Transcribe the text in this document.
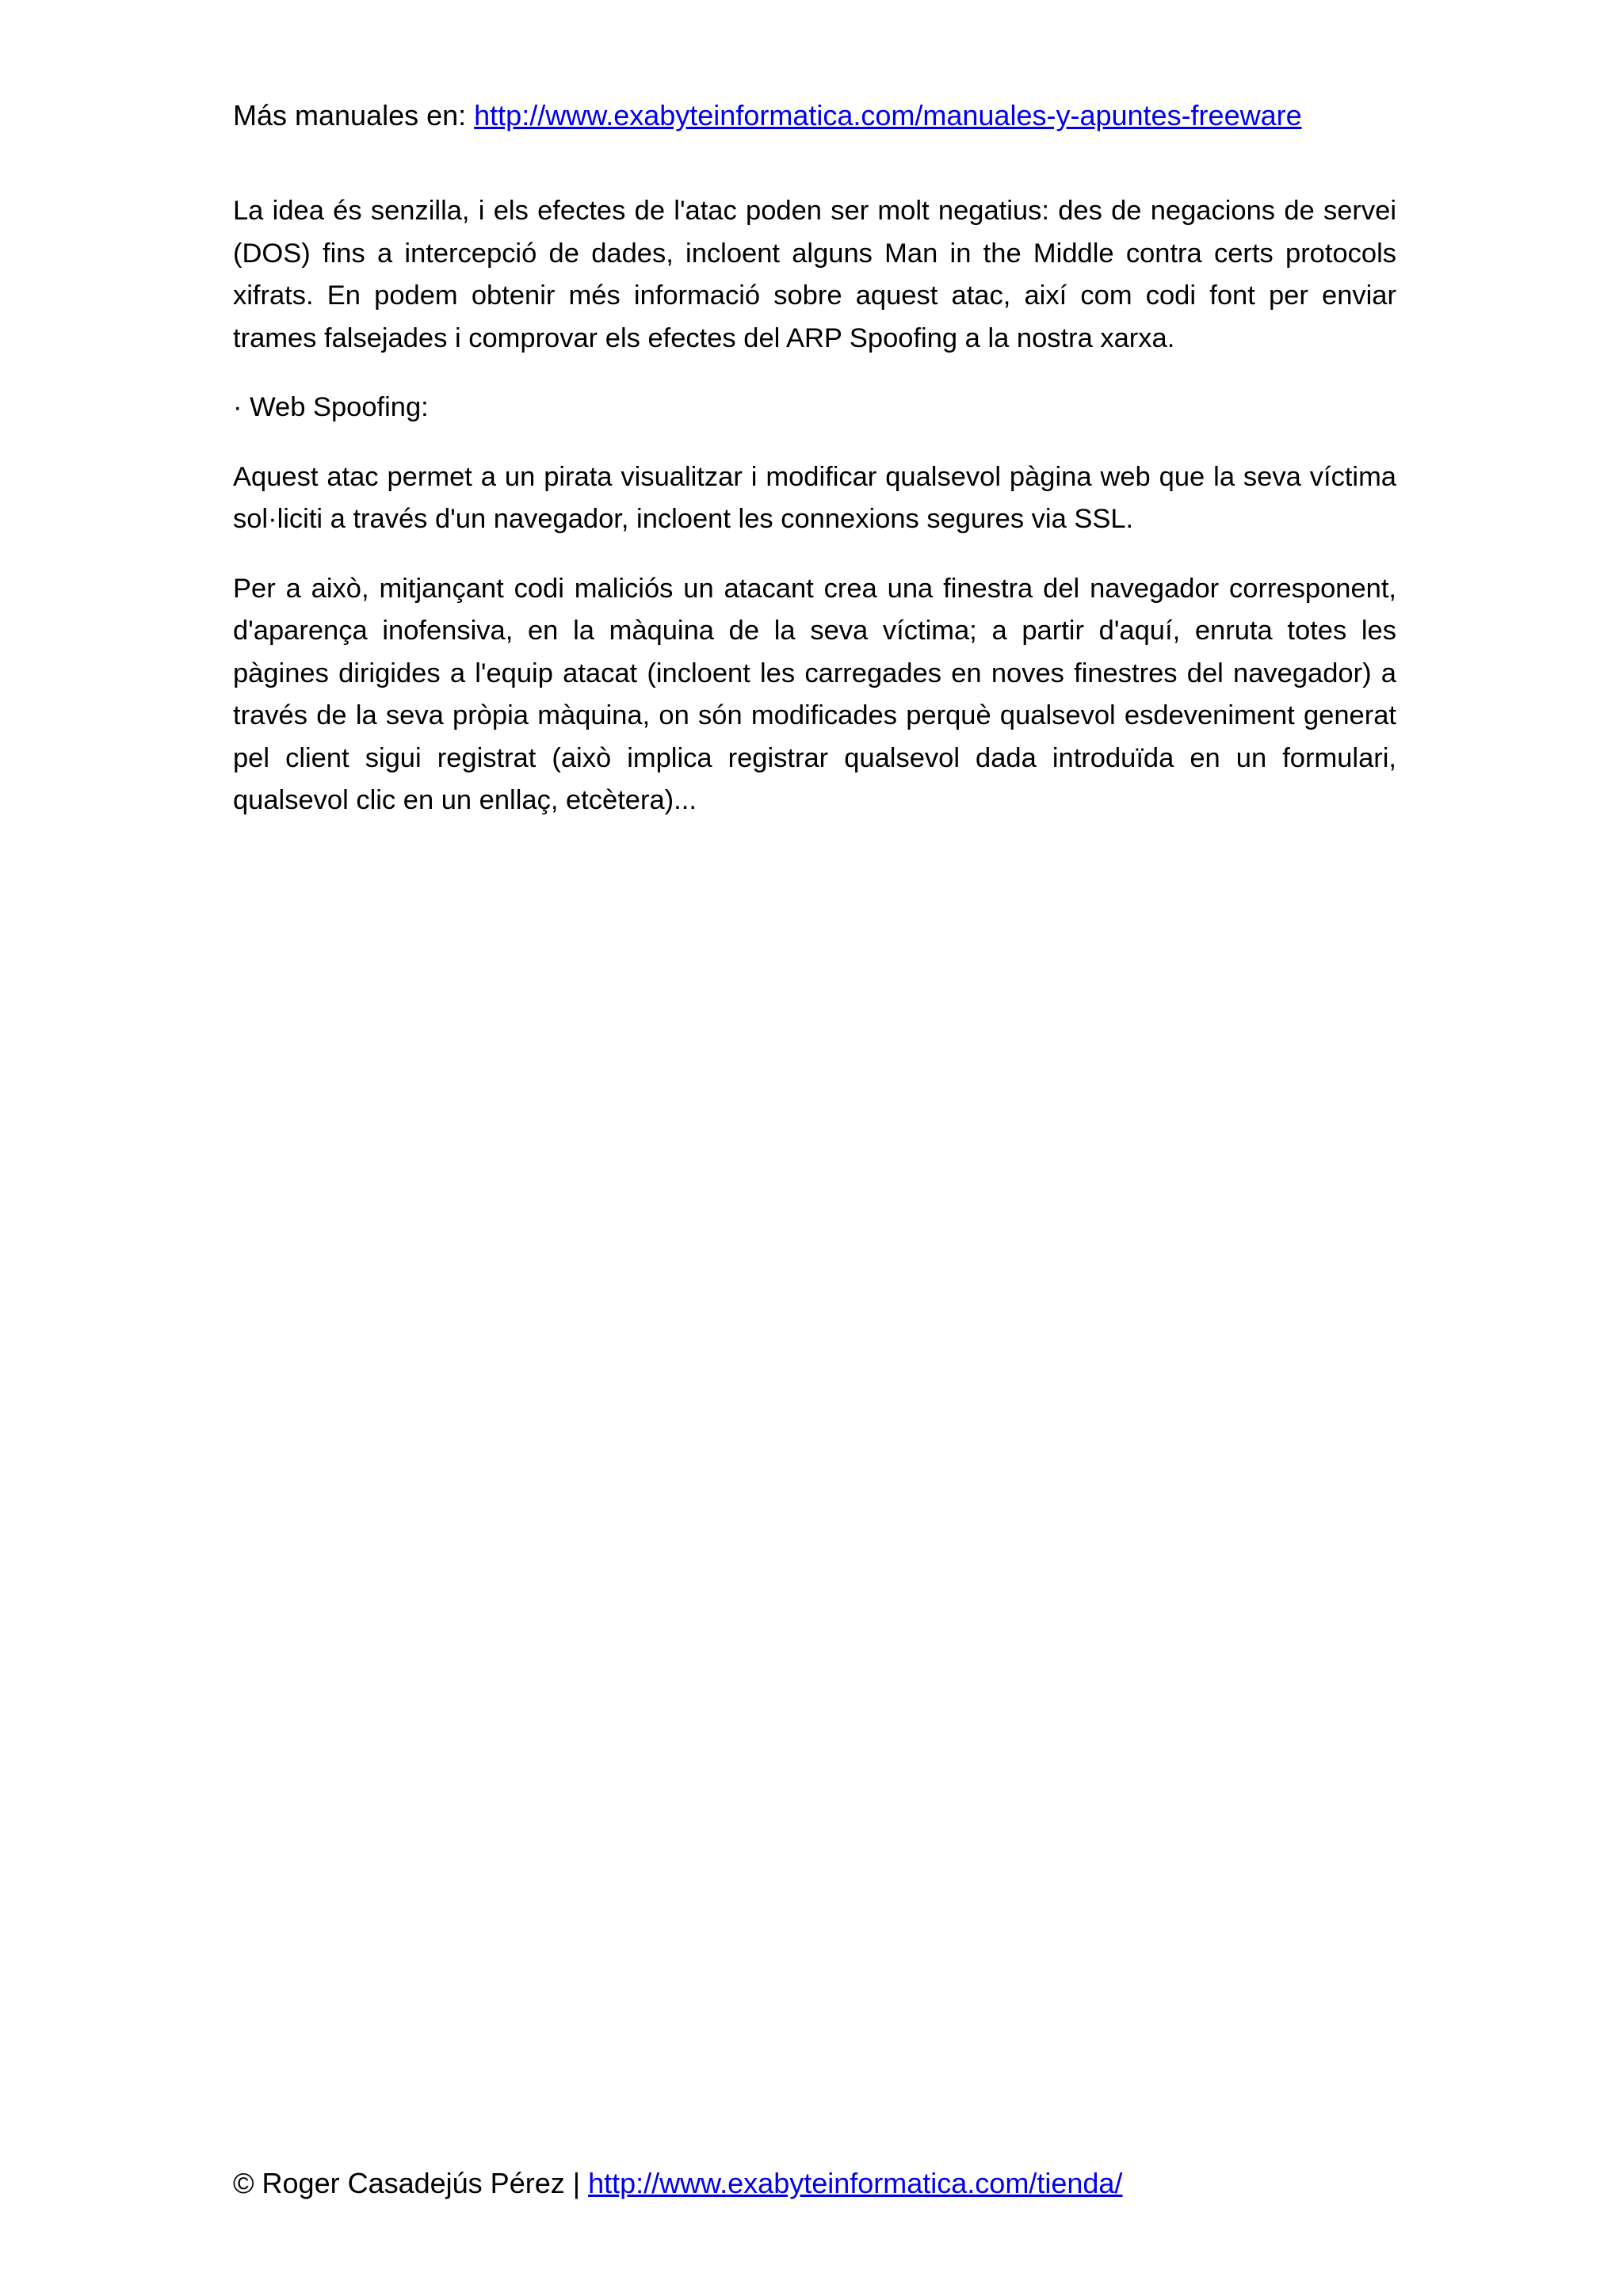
Más manuales en: http://www.exabyteinformatica.com/manuales-y-apuntes-freeware

La idea és senzilla, i els efectes de l'atac poden ser molt negatius: des de negacions de servei (DOS) fins a intercepció de dades, incloent alguns Man in the Middle contra certs protocols xifrats. En podem obtenir més informació sobre aquest atac, així com codi font per enviar trames falsejades i comprovar els efectes del ARP Spoofing a la nostra xarxa.

· Web Spoofing:

Aquest atac permet a un pirata visualitzar i modificar qualsevol pàgina web que la seva víctima sol·liciti a través d'un navegador, incloent les connexions segures via SSL.

Per a això, mitjançant codi maliciós un atacant crea una finestra del navegador corresponent, d'aparença inofensiva, en la màquina de la seva víctima; a partir d'aquí, enruta totes les pàgines dirigides a l'equip atacat (incloent les carregades en noves finestres del navegador) a través de la seva pròpia màquina, on són modificades perquè qualsevol esdeveniment generat pel client sigui registrat (això implica registrar qualsevol dada introduïda en un formulari, qualsevol clic en un enllaç, etcètera)...

© Roger Casadejús Pérez | http://www.exabyteinformatica.com/tienda/
